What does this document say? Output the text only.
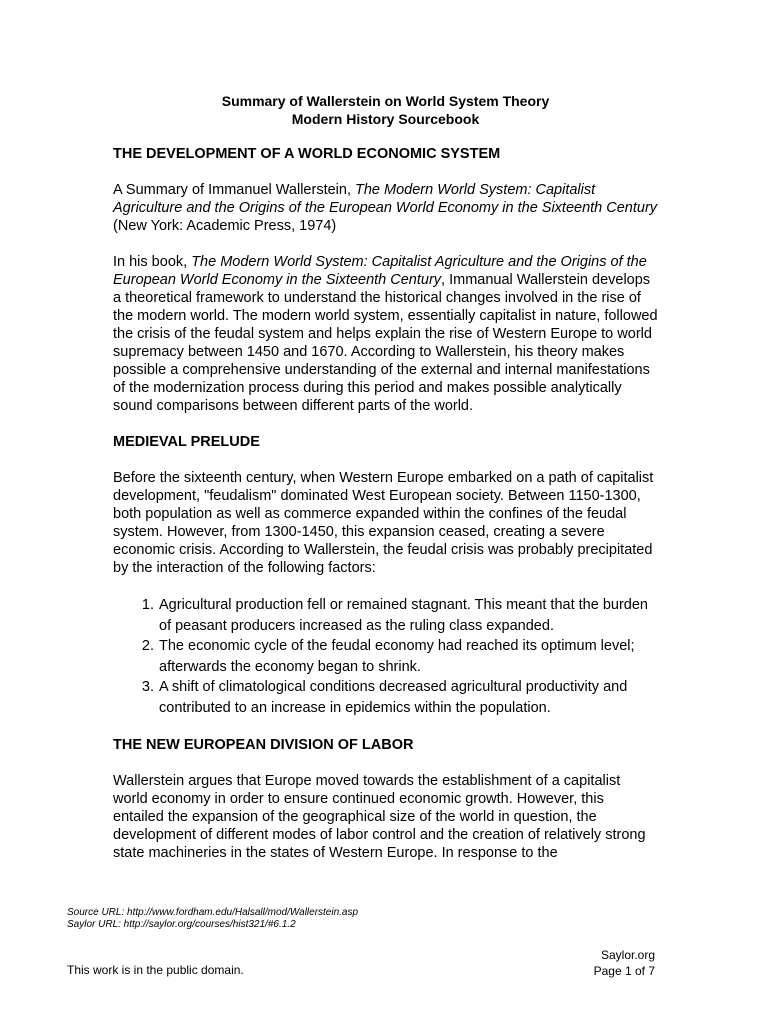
Summary of Wallerstein on World System Theory
Modern History Sourcebook
THE DEVELOPMENT OF A WORLD ECONOMIC SYSTEM

A Summary of Immanuel Wallerstein, The Modern World System: Capitalist Agriculture and the Origins of the European World Economy in the Sixteenth Century (New York: Academic Press, 1974)

In his book, The Modern World System: Capitalist Agriculture and the Origins of the European World Economy in the Sixteenth Century, Immanual Wallerstein develops a theoretical framework to understand the historical changes involved in the rise of the modern world. The modern world system, essentially capitalist in nature, followed the crisis of the feudal system and helps explain the rise of Western Europe to world supremacy between 1450 and 1670. According to Wallerstein, his theory makes possible a comprehensive understanding of the external and internal manifestations of the modernization process during this period and makes possible analytically sound comparisons between different parts of the world.

MEDIEVAL PRELUDE

Before the sixteenth century, when Western Europe embarked on a path of capitalist development, "feudalism" dominated West European society. Between 1150-1300, both population as well as commerce expanded within the confines of the feudal system. However, from 1300-1450, this expansion ceased, creating a severe economic crisis. According to Wallerstein, the feudal crisis was probably precipitated by the interaction of the following factors:

1. Agricultural production fell or remained stagnant. This meant that the burden of peasant producers increased as the ruling class expanded.
2. The economic cycle of the feudal economy had reached its optimum level; afterwards the economy began to shrink.
3. A shift of climatological conditions decreased agricultural productivity and contributed to an increase in epidemics within the population.
THE NEW EUROPEAN DIVISION OF LABOR

Wallerstein argues that Europe moved towards the establishment of a capitalist world economy in order to ensure continued economic growth. However, this entailed the expansion of the geographical size of the world in question, the development of different modes of labor control and the creation of relatively strong state machineries in the states of Western Europe. In response to the

Source URL: http://www.fordham.edu/Halsall/mod/Wallerstein.asp
Saylor URL: http://saylor.org/courses/hist321/#6.1.2
This work is in the public domain.
Saylor.org
Page 1 of 7
